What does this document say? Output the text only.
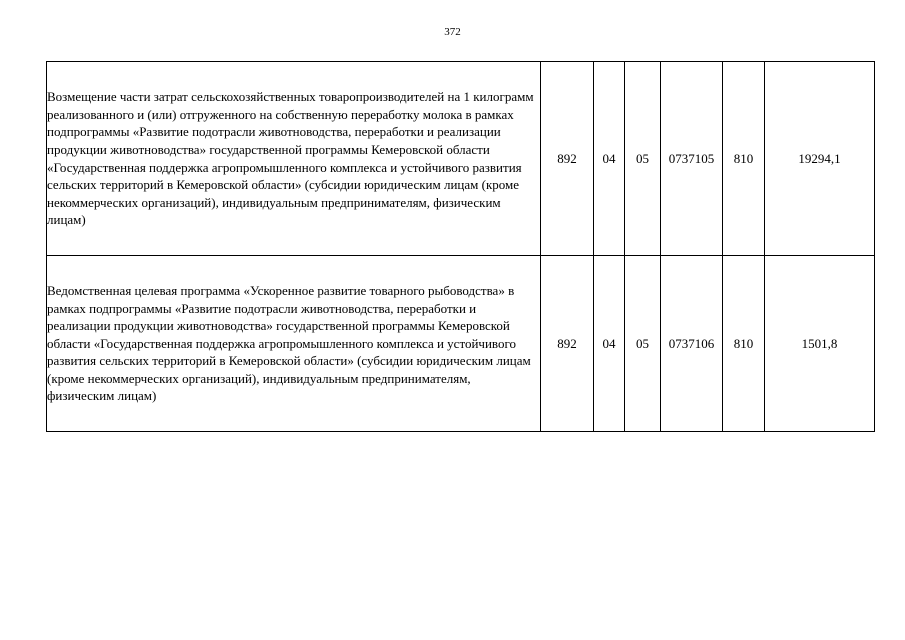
372
Возмещение части затрат сельскохозяйственных товаропроизводителей на 1 килограмм реализованного и (или) отгруженного на собственную переработку молока в рамках подпрограммы «Развитие подотрасли животноводства, переработки и реализации продукции животноводства» государственной программы Кемеровской области «Государственная поддержка агропромышленного комплекса и устойчивого развития сельских территорий в Кемеровской области» (субсидии юридическим лицам (кроме некоммерческих организаций), индивидуальным предпринимателям, физическим лицам)	892	04	05	0737105	810	19294,1
Ведомственная целевая программа «Ускоренное развитие товарного рыбоводства» в рамках подпрограммы «Развитие подотрасли животноводства, переработки и реализации продукции животноводства» государственной программы Кемеровской области «Государственная поддержка агропромышленного комплекса и устойчивого развития сельских территорий в Кемеровской области» (субсидии юридическим лицам (кроме некоммерческих организаций), индивидуальным предпринимателям, физическим лицам)	892	04	05	0737106	810	1501,8
